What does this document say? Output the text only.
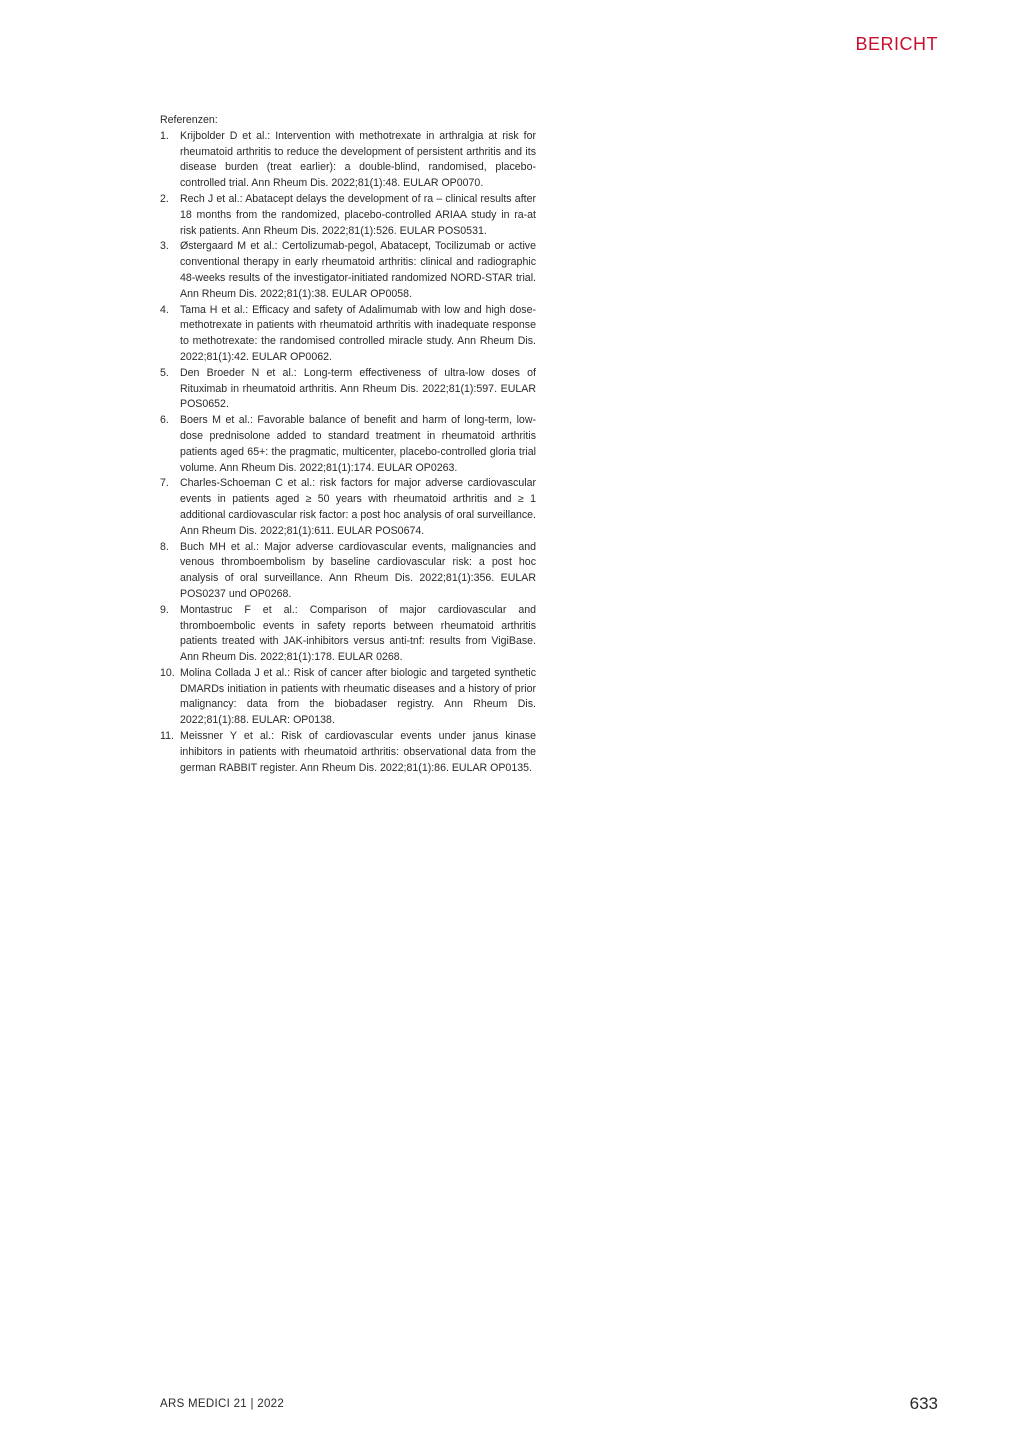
BERICHT

Referenzen:

1. Krijbolder D et al.: Intervention with methotrexate in arthralgia at risk for rheumatoid arthritis to reduce the development of persistent arthritis and its disease burden (treat earlier): a double-blind, randomised, placebo-controlled trial. Ann Rheum Dis. 2022;81(1):48. EULAR OP0070.
2. Rech J et al.: Abatacept delays the development of ra – clinical results after 18 months from the randomized, placebo-controlled ARIAA study in ra-at risk patients. Ann Rheum Dis. 2022;81(1):526. EULAR POS0531.
3. Østergaard M et al.: Certolizumab-pegol, Abatacept, Tocilizumab or active conventional therapy in early rheumatoid arthritis: clinical and radiographic 48-weeks results of the investigator-initiated randomized NORD-STAR trial. Ann Rheum Dis. 2022;81(1):38. EULAR OP0058.
4. Tama H et al.: Efficacy and safety of Adalimumab with low and high dose-methotrexate in patients with rheumatoid arthritis with inadequate response to methotrexate: the randomised controlled miracle study. Ann Rheum Dis. 2022;81(1):42. EULAR OP0062.
5. Den Broeder N et al.: Long-term effectiveness of ultra-low doses of Rituximab in rheumatoid arthritis. Ann Rheum Dis. 2022;81(1):597. EULAR POS0652.
6. Boers M et al.: Favorable balance of benefit and harm of long-term, low-dose prednisolone added to standard treatment in rheumatoid arthritis patients aged 65+: the pragmatic, multicenter, placebo-controlled gloria trial volume. Ann Rheum Dis. 2022;81(1):174. EULAR OP0263.
7. Charles-Schoeman C et al.: risk factors for major adverse cardiovascular events in patients aged ≥ 50 years with rheumatoid arthritis and ≥ 1 additional cardiovascular risk factor: a post hoc analysis of oral surveillance. Ann Rheum Dis. 2022;81(1):611. EULAR POS0674.
8. Buch MH et al.: Major adverse cardiovascular events, malignancies and venous thromboembolism by baseline cardiovascular risk: a post hoc analysis of oral surveillance. Ann Rheum Dis. 2022;81(1):356. EULAR POS0237 und OP0268.
9. Montastruc F et al.: Comparison of major cardiovascular and thromboembolic events in safety reports between rheumatoid arthritis patients treated with JAK-inhibitors versus anti-tnf: results from VigiBase. Ann Rheum Dis. 2022;81(1):178. EULAR 0268.
10. Molina Collada J et al.: Risk of cancer after biologic and targeted synthetic DMARDs initiation in patients with rheumatic diseases and a history of prior malignancy: data from the biobadaser registry. Ann Rheum Dis. 2022;81(1):88. EULAR: OP0138.
11. Meissner Y et al.: Risk of cardiovascular events under janus kinase inhibitors in patients with rheumatoid arthritis: observational data from the german RABBIT register. Ann Rheum Dis. 2022;81(1):86. EULAR OP0135.
ARS MEDICI 21 | 2022	633
